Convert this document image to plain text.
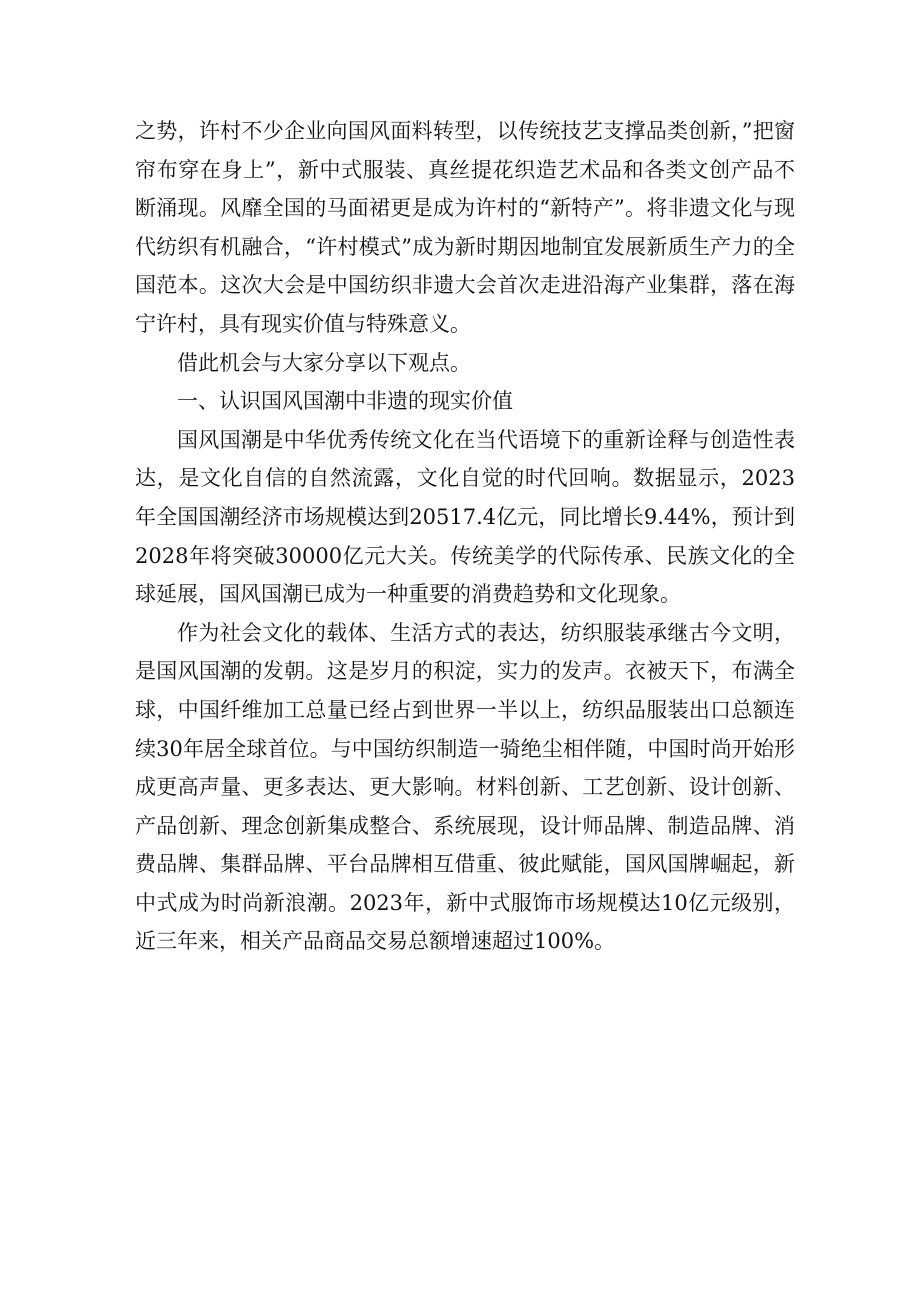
之势，许村不少企业向国风面料转型，以传统技艺支撑品类创新，”把窗帘布穿在身上”，新中式服装、真丝提花织造艺术品和各类文创产品不断涌现。风靡全国的马面裙更是成为许村的“新特产”。将非遗文化与现代纺织有机融合，“许村模式”成为新时期因地制宜发展新质生产力的全国范本。这次大会是中国纺织非遗大会首次走进沿海产业集群，落在海宁许村，具有现实价值与特殊意义。

借此机会与大家分享以下观点。

一、认识国风国潮中非遗的现实价值

国风国潮是中华优秀传统文化在当代语境下的重新诠释与创造性表达，是文化自信的自然流露，文化自觉的时代回响。数据显示，2023年全国国潮经济市场规模达到20517.4亿元，同比增长9.44%，预计到2028年将突破30000亿元大关。传统美学的代际传承、民族文化的全球延展，国风国潮已成为一种重要的消费趋势和文化现象。

作为社会文化的载体、生活方式的表达，纺织服装承继古今文明，是国风国潮的发朝。这是岁月的积淀，实力的发声。衣被天下，布满全球，中国纤维加工总量已经占到世界一半以上，纺织品服装出口总额连续30年居全球首位。与中国纺织制造一骑绝尘相伴随，中国时尚开始形成更高声量、更多表达、更大影响。材料创新、工艺创新、设计创新、产品创新、理念创新集成整合、系统展现，设计师品牌、制造品牌、消费品牌、集群品牌、平台品牌相互借重、彼此赋能，国风国牌崛起，新中式成为时尚新浪潮。2023年，新中式服饰市场规模达10亿元级别，近三年来，相关产品商品交易总额增速超过100%。
